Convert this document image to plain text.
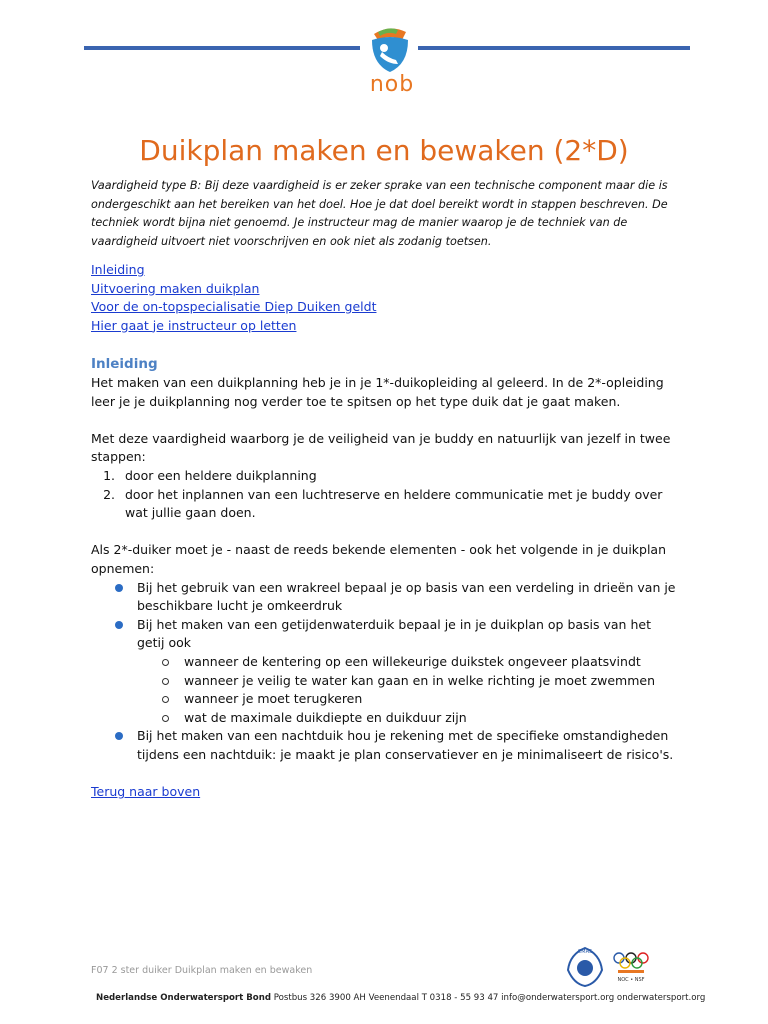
nob
Duikplan maken en bewaken (2*D)

Vaardigheid type B: Bij deze vaardigheid is er zeker sprake van een technische component maar die is ondergeschikt aan het bereiken van het doel. Hoe je dat doel bereikt wordt in stappen beschreven. De techniek wordt bijna niet genoemd. Je instructeur mag de manier waarop je de techniek van de vaardigheid uitvoert niet voorschrijven en ook niet als zodanig toetsen.

Inleiding
Uitvoering maken duikplan
Voor de on-topspecialisatie Diep Duiken geldt
Hier gaat je instructeur op letten
Inleiding

Het maken van een duikplanning heb je in je 1*-duikopleiding al geleerd. In de 2*-opleiding leer je je duikplanning nog verder toe te spitsen op het type duik dat je gaat maken.

Met deze vaardigheid waarborg je de veiligheid van je buddy en natuurlijk van jezelf in twee stappen:

1. door een heldere duikplanning
2. door het inplannen van een luchtreserve en heldere communicatie met je buddy over wat jullie gaan doen.

Als 2*-duiker moet je - naast de reeds bekende elementen - ook het volgende in je duikplan opnemen:

Bij het gebruik van een wrakreel bepaal je op basis van een verdeling in drieën van je beschikbare lucht je omkeerdruk
Bij het maken van een getijdenwaterduik bepaal je in je duikplan op basis van het getij ook
wanneer de kentering op een willekeurige duikstek ongeveer plaatsvindt
wanneer je veilig te water kan gaan en in welke richting je moet zwemmen
wanneer je moet terugkeren
wat de maximale duikdiepte en duikduur zijn
Bij het maken van een nachtduik hou je rekening met de specifieke omstandigheden tijdens een nachtduik: je maakt je plan conservatiever en je minimaliseert de risico's.
Terug naar boven
F07 2 ster duiker Duikplan maken en bewaken
CMAS
NOC • NSF
Nederlandse Onderwatersport Bond Postbus 326 3900 AH Veenendaal T 0318 - 55 93 47 info@onderwatersport.org onderwatersport.org
